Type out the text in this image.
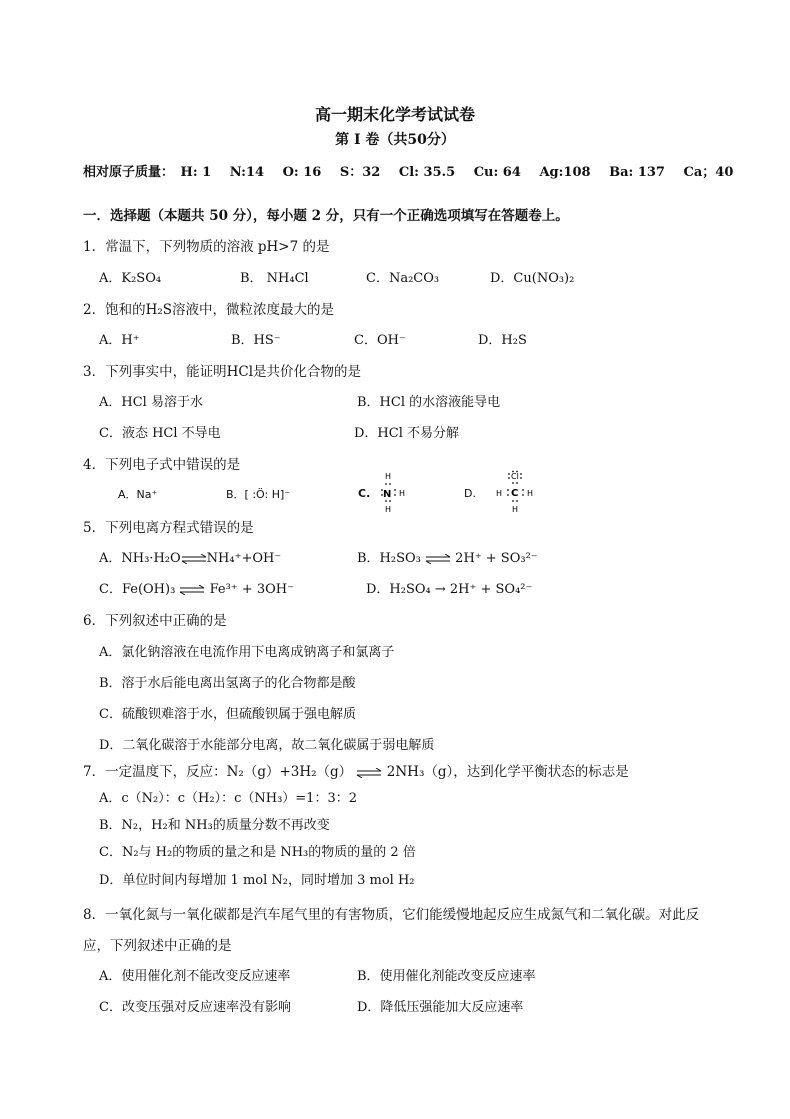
高一期末化学考试试卷
第 I 卷（共50分）
相对原子质量： H: 1 N:14 O: 16 S：32 Cl: 35.5 Cu: 64 Ag:108 Ba: 137 Ca；40
一．选择题（本题共 50 分），每小题 2 分，只有一个正确选项填写在答题卷上。
1．常温下，下列物质的溶液 pH>7 的是
A．K₂SO₄	B． NH₄Cl	C．Na₂CO₃	D．Cu(NO₃)₂
2．饱和的H₂S溶液中，微粒浓度最大的是
A．H⁺	B．HS⁻	C．OH⁻	D．H₂S
3．下列事实中，能证明HCl是共价化合物的是
A．HCl 易溶于水	B．HCl 的水溶液能导电
C．液态 HCl 不导电	D．HCl 不易分解
4．下列电子式中错误的是
A．Na⁺	B．[ :Ö: H]⁻	C.
H
N H
H
D.
Cl
H C H
H
5．下列电离方程式错误的是
A．NH₃·H₂O⇌NH₄⁺+OH⁻	B．H₂SO₃ ⇌ 2H⁺ + SO₃²⁻
C．Fe(OH)₃ ⇌ Fe³⁺ + 3OH⁻	D．H₂SO₄ → 2H⁺ + SO₄²⁻
6．下列叙述中正确的是
A．氯化钠溶液在电流作用下电离成钠离子和氯离子
B．溶于水后能电离出氢离子的化合物都是酸
C．硫酸钡难溶于水，但硫酸钡属于强电解质
D．二氧化碳溶于水能部分电离，故二氧化碳属于弱电解质
7．一定温度下，反应：N₂（g）+3H₂（g） ⇌ 2NH₃（g），达到化学平衡状态的标志是
A．c（N₂）：c（H₂）：c（NH₃）=1：3：2
B．N₂，H₂和 NH₃的质量分数不再改变
C．N₂与 H₂的物质的量之和是 NH₃的物质的量的 2 倍
D．单位时间内每增加 1 mol N₂，同时增加 3 mol H₂
8．一氧化氮与一氧化碳都是汽车尾气里的有害物质，它们能缓慢地起反应生成氮气和二氧化碳。对此反
应，下列叙述中正确的是
A．使用催化剂不能改变反应速率	B．使用催化剂能改变反应速率
C．改变压强对反应速率没有影响	D．降低压强能加大反应速率
